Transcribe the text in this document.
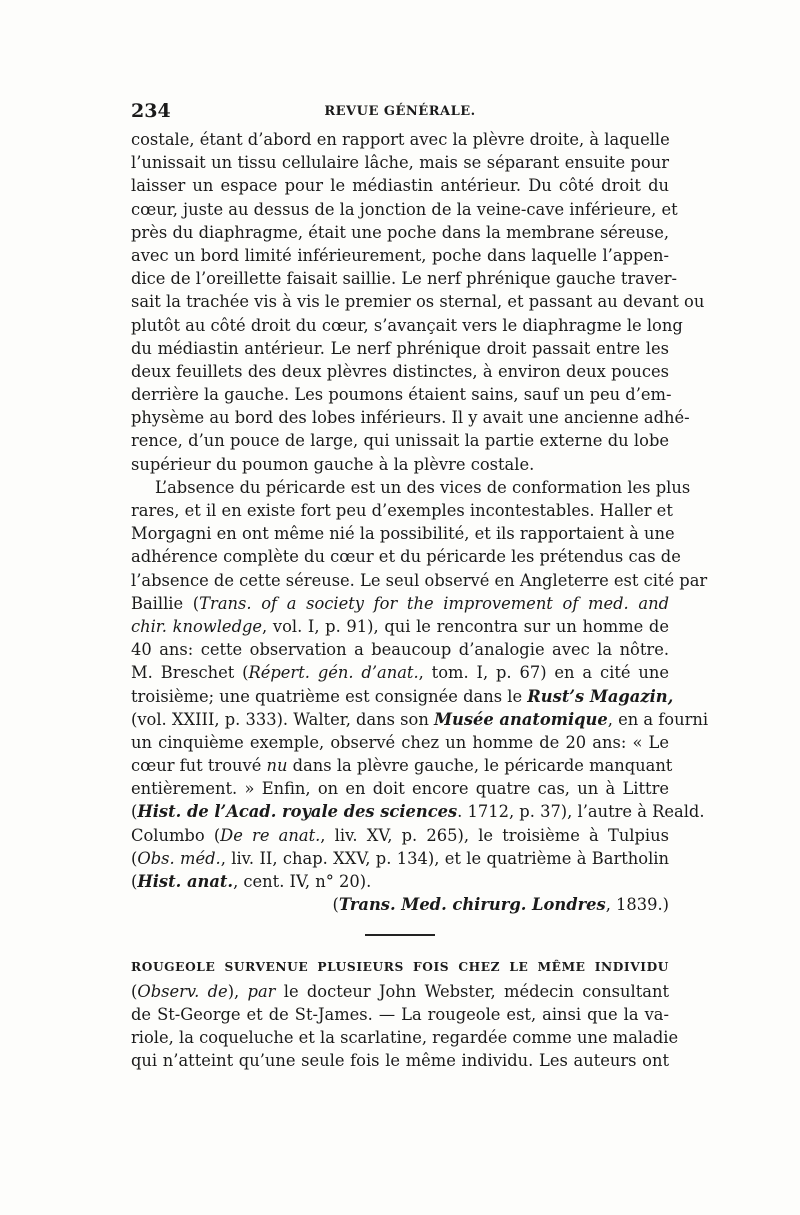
234	REVUE GÉNÉRALE.
costale, étant d’abord en rapport avec la plèvre droite, à laquelle
l’unissait un tissu cellulaire lâche, mais se séparant ensuite pour
laisser un espace pour le médiastin antérieur. Du côté droit du
cœur, juste au dessus de la jonction de la veine-cave inférieure, et
près du diaphragme, était une poche dans la membrane séreuse,
avec un bord limité inférieurement, poche dans laquelle l’appen-
dice de l’oreillette faisait saillie. Le nerf phrénique gauche traver-
sait la trachée vis à vis le premier os sternal, et passant au devant ou
plutôt au côté droit du cœur, s’avançait vers le diaphragme le long
du médiastin antérieur. Le nerf phrénique droit passait entre les
deux feuillets des deux plèvres distinctes, à environ deux pouces
derrière la gauche. Les poumons étaient sains, sauf un peu d’em-
physème au bord des lobes inférieurs. Il y avait une ancienne adhé-
rence, d’un pouce de large, qui unissait la partie externe du lobe
supérieur du poumon gauche à la plèvre costale.
L’absence du péricarde est un des vices de conformation les plus
rares, et il en existe fort peu d’exemples incontestables. Haller et
Morgagni en ont même nié la possibilité, et ils rapportaient à une
adhérence complète du cœur et du péricarde les prétendus cas de
l’absence de cette séreuse. Le seul observé en Angleterre est cité par
Baillie (Trans. of a society for the improvement of med. and
chir. knowledge, vol. I, p. 91), qui le rencontra sur un homme de
40 ans: cette observation a beaucoup d’analogie avec la nôtre.
M. Breschet (Répert. gén. d’anat., tom. I, p. 67) en a cité une
troisième; une quatrième est consignée dans le Rust’s Magazin,
(vol. XXIII, p. 333). Walter, dans son Musée anatomique, en a fourni
un cinquième exemple, observé chez un homme de 20 ans: « Le
cœur fut trouvé nu dans la plèvre gauche, le péricarde manquant
entièrement. » Enfin, on en doit encore quatre cas, un à Littre
(Hist. de l’Acad. royale des sciences. 1712, p. 37), l’autre à Reald.
Columbo (De re anat., liv. XV, p. 265), le troisième à Tulpius
(Obs. méd., liv. II, chap. XXV, p. 134), et le quatrième à Bartholin
(Hist. anat., cent. IV, n° 20).
(Trans. Med. chirurg. Londres, 1839.)
ROUGEOLE SURVENUE PLUSIEURS FOIS CHEZ LE MÊME INDIVIDU
(Observ. de), par le docteur John Webster, médecin consultant
de St-George et de St-James. — La rougeole est, ainsi que la va-
riole, la coqueluche et la scarlatine, regardée comme une maladie
qui n’atteint qu’une seule fois le même individu. Les auteurs ont
